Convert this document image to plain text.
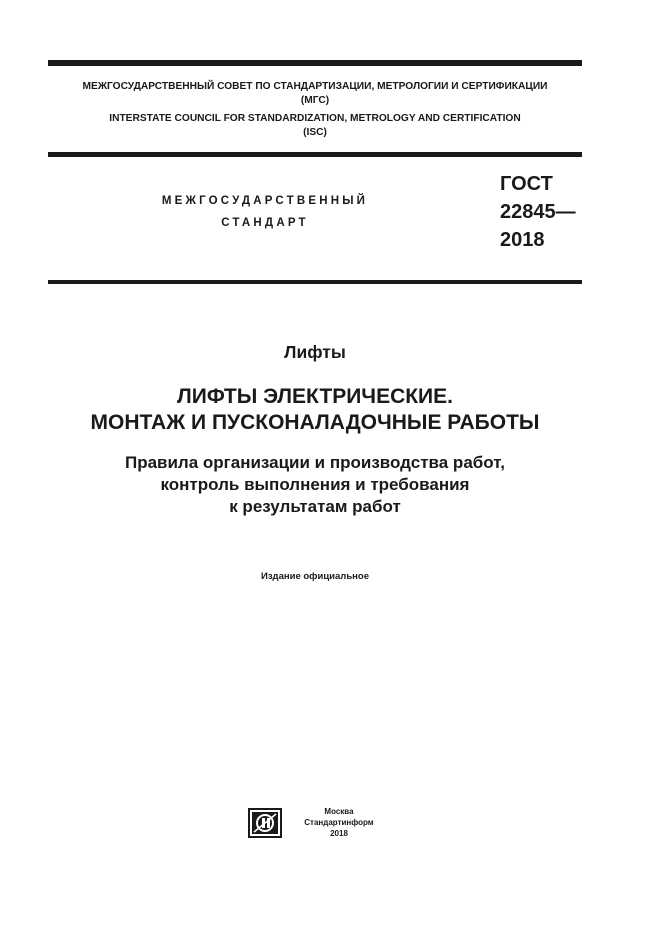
МЕЖГОСУДАРСТВЕННЫЙ СОВЕТ ПО СТАНДАРТИЗАЦИИ, МЕТРОЛОГИИ И СЕРТИФИКАЦИИ
(МГС)
INTERSTATE COUNCIL FOR STANDARDIZATION, METROLOGY AND CERTIFICATION
(ISC)
МЕЖГОСУДАРСТВЕННЫЙ
СТАНДАРТ
ГОСТ
22845—
2018
Лифты
ЛИФТЫ ЭЛЕКТРИЧЕСКИЕ.
МОНТАЖ И ПУСКОНАЛАДОЧНЫЕ РАБОТЫ
Правила организации и производства работ,
контроль выполнения и требования
к результатам работ
Издание официальное
Москва
Стандартинформ
2018
